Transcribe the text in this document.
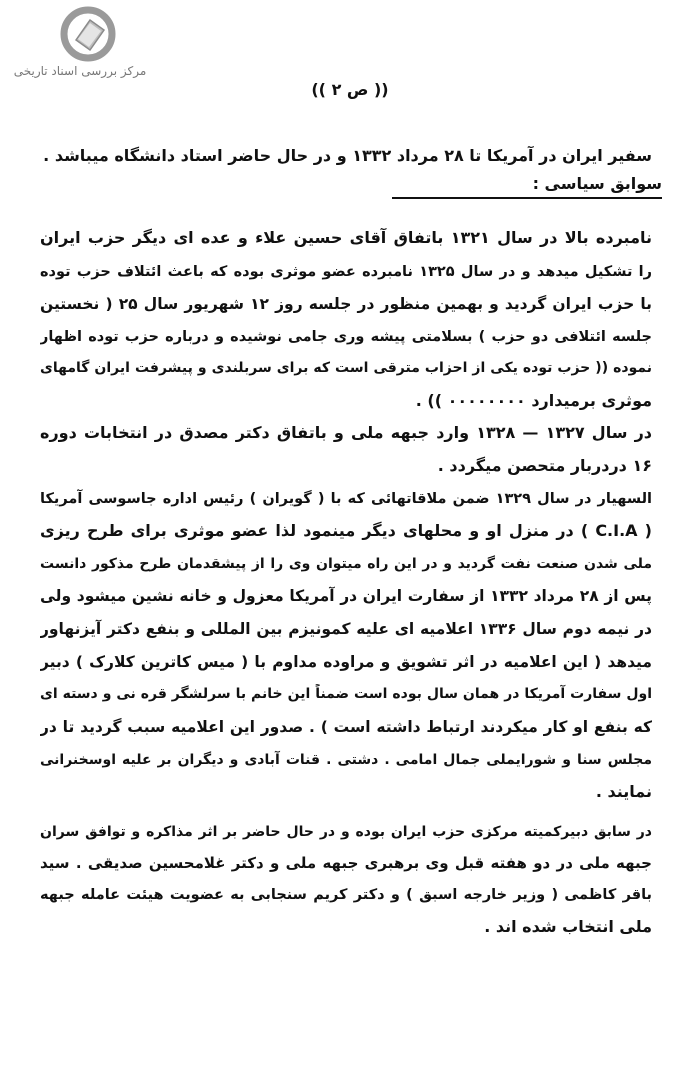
مرکز بررسی اسناد تاریخی
(( ص ۲ ))
سفیر ایران در آمریکا تا ۲۸ مرداد ۱۳۳۲ و در حال حاضر استاد دانشگاه میباشد .
سوابق سیاسی :
نامبرده بالا در سال ۱۳۲۱ باتفاق آقای حسین علاء و عده ای دیگر حزب ایران
را تشکیل میدهد و در سال ۱۳۲۵ نامبرده عضو موثری بوده که باعث ائتلاف حزب توده
با حزب ایران گردید و بهمین منظور در جلسه روز ۱۲ شهریور سال ۲۵ ( نخستین
جلسه ائتلافی دو حزب ) بسلامتی پیشه وری جامی نوشیده و درباره حزب توده اظهار
نموده (( حزب توده یکی از احزاب مترقی است که برای سربلندی و پیشرفت ایران گامهای
موثری برمیدارد ۰۰۰۰۰۰۰۰ )) .
در سال ۱۳۲۷ — ۱۳۲۸ وارد جبهه ملی و باتفاق دکتر مصدق در انتخابات دوره
۱۶ دردربار متحصن میگردد .
السهیار در سال ۱۳۲۹ ضمن ملاقاتهائی که با ( گویران ) رئیس اداره جاسوسی آمریکا
( C.I.A ) در منزل او و محلهای دیگر مینمود لذا عضو موثری برای طرح ریزی
ملی شدن صنعت نفت گردید و در این راه میتوان وی را از پیشقدمان طرح مذکور دانست
پس از ۲۸ مرداد ۱۳۳۲ از سفارت ایران در آمریکا معزول و خانه نشین میشود ولی
در نیمه دوم سال ۱۳۳۶ اعلامیه ای علیه کمونیزم بین المللی و بنفع دکتر آیزنهاور
میدهد ( این اعلامیه در اثر تشویق و مراوده مداوم با ( میس کاترین کلارک ) دبیر
اول سفارت آمریکا در همان سال بوده است ضمناً این خانم با سرلشگر قره نی و دسته ای
که بنفع او کار میکردند ارتباط داشته است ) . صدور این اعلامیه سبب گردید تا در
مجلس سنا و شورایملی جمال امامی . دشتی . قنات آبادی و دیگران بر علیه اوسخنرانی
نمایند .
در سابق دبیرکمیته مرکزی حزب ایران بوده و در حال حاضر بر اثر مذاکره و توافق سران
جبهه ملی در دو هفته قبل وی برهبری جبهه ملی و دکتر غلامحسین صدیقی . سید
باقر کاظمی ( وزیر خارجه اسبق ) و دکتر کریم سنجابی به عضویت هیئت عامله جبهه
ملی انتخاب شده اند .
